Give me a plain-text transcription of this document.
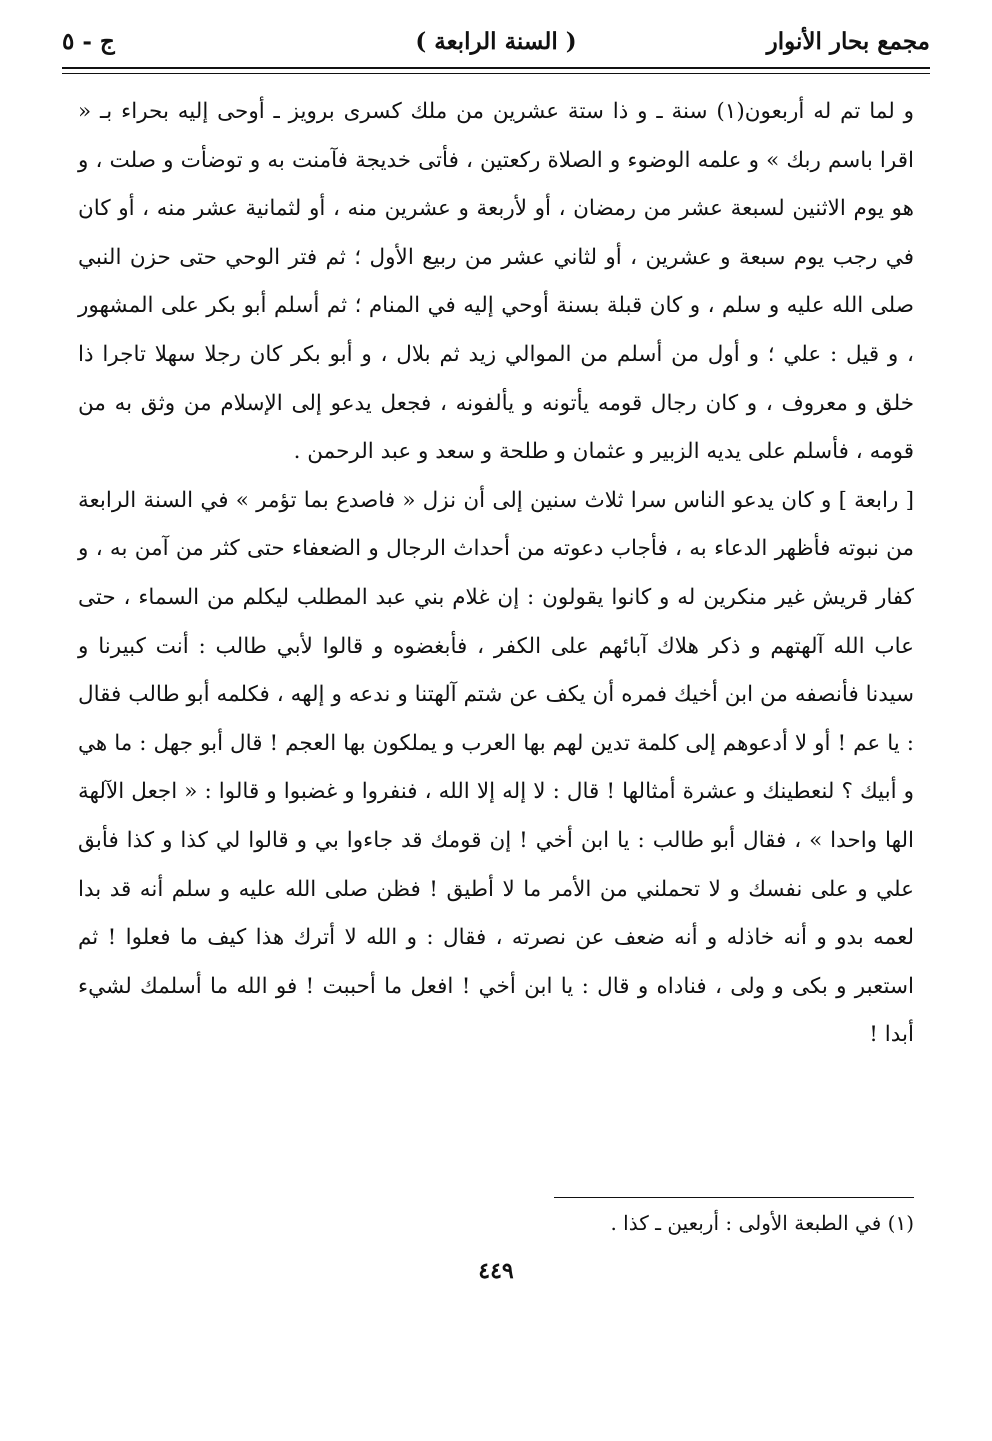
مجمع بحار الأنوار
( السنة الرابعة )
ج - ٥

و لما تم له أربعون(١) سنة ـ و ذا ستة عشرين من ملك كسرى برويز ـ أوحى إليه بحراء بـ « اقرا باسم ربك » و علمه الوضوء و الصلاة ركعتين ، فأتى خديجة فآمنت به و توضأت و صلت ، و هو يوم الاثنين لسبعة عشر من رمضان ، أو لأربعة و عشرين منه ، أو لثمانية عشر منه ، أو كان في رجب يوم سبعة و عشرين ، أو لثاني عشر من ربيع الأول ؛ ثم فتر الوحي حتى حزن النبي صلى الله عليه و سلم ، و كان قبلة بسنة أوحي إليه في المنام ؛ ثم أسلم أبو بكر على المشهور ، و قيل : علي ؛ و أول من أسلم من الموالي زيد ثم بلال ، و أبو بكر كان رجلا سهلا تاجرا ذا خلق و معروف ، و كان رجال قومه يأتونه و يألفونه ، فجعل يدعو إلى الإسلام من وثق به من قومه ، فأسلم على يديه الزبير و عثمان و طلحة و سعد و عبد الرحمن .

[ رابعة ] و كان يدعو الناس سرا ثلاث سنين إلى أن نزل « فاصدع بما تؤمر » في السنة الرابعة من نبوته فأظهر الدعاء به ، فأجاب دعوته من أحداث الرجال و الضعفاء حتى كثر من آمن به ، و كفار قريش غير منكرين له و كانوا يقولون : إن غلام بني عبد المطلب ليكلم من السماء ، حتى عاب الله آلهتهم و ذكر هلاك آبائهم على الكفر ، فأبغضوه و قالوا لأبي طالب : أنت كبيرنا و سيدنا فأنصفه من ابن أخيك فمره أن يكف عن شتم آلهتنا و ندعه و إلهه ، فكلمه أبو طالب فقال : يا عم ! أو لا أدعوهم إلى كلمة تدين لهم بها العرب و يملكون بها العجم ! قال أبو جهل : ما هي و أبيك ؟ لنعطينك و عشرة أمثالها ! قال : لا إله إلا الله ، فنفروا و غضبوا و قالوا : « اجعل الآلهة الها واحدا » ، فقال أبو طالب : يا ابن أخي ! إن قومك قد جاءوا بي و قالوا لي كذا و كذا فأبق علي و على نفسك و لا تحملني من الأمر ما لا أطيق ! فظن صلى الله عليه و سلم أنه قد بدا لعمه بدو و أنه خاذله و أنه ضعف عن نصرته ، فقال : و الله لا أترك هذا كيف ما فعلوا ! ثم استعبر و بكى و ولى ، فناداه و قال : يا ابن أخي ! افعل ما أحببت ! فو الله ما أسلمك لشيء أبدا !

(١) في الطبعة الأولى : أربعين ـ كذا .
٤٤٩
